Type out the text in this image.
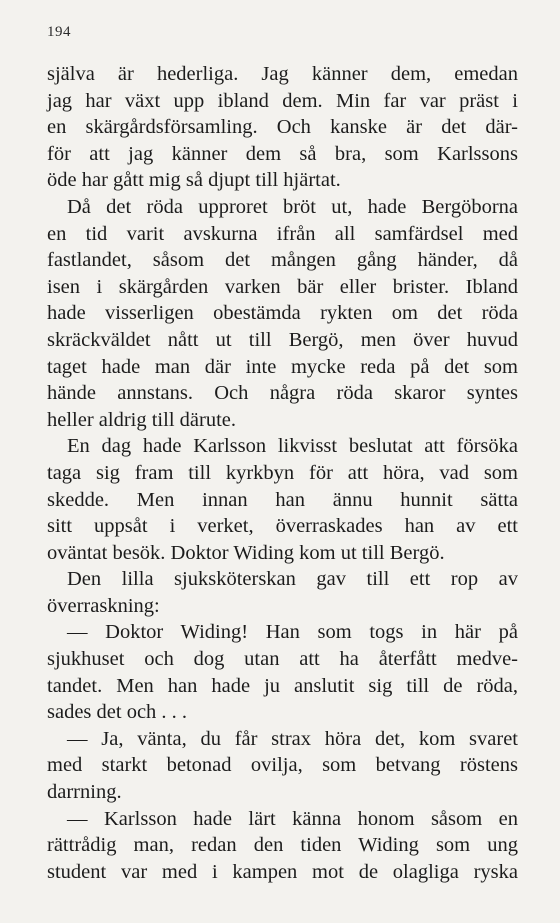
194
själva är hederliga. Jag känner dem, emedan
jag har växt upp ibland dem. Min far var präst i
en skärgårdsförsamling. Och kanske är det där-
för att jag känner dem så bra, som Karlssons
öde har gått mig så djupt till hjärtat.
Då det röda upproret bröt ut, hade Bergöborna
en tid varit avskurna ifrån all samfärdsel med
fastlandet, såsom det mången gång händer, då
isen i skärgården varken bär eller brister. Ibland
hade visserligen obestämda rykten om det röda
skräckväldet nått ut till Bergö, men över huvud
taget hade man där inte mycke reda på det som
hände annstans. Och några röda skaror syntes
heller aldrig till därute.
En dag hade Karlsson likvisst beslutat att försöka
taga sig fram till kyrkbyn för att höra, vad som
skedde. Men innan han ännu hunnit sätta
sitt uppsåt i verket, överraskades han av ett
oväntat besök. Doktor Widing kom ut till Bergö.
Den lilla sjuksköterskan gav till ett rop av
överraskning:
— Doktor Widing! Han som togs in här på
sjukhuset och dog utan att ha återfått medve-
tandet. Men han hade ju anslutit sig till de röda,
sades det och . . .
— Ja, vänta, du får strax höra det, kom svaret
med starkt betonad ovilja, som betvang röstens
darrning.
— Karlsson hade lärt känna honom såsom en
rättrådig man, redan den tiden Widing som ung
student var med i kampen mot de olagliga ryska
